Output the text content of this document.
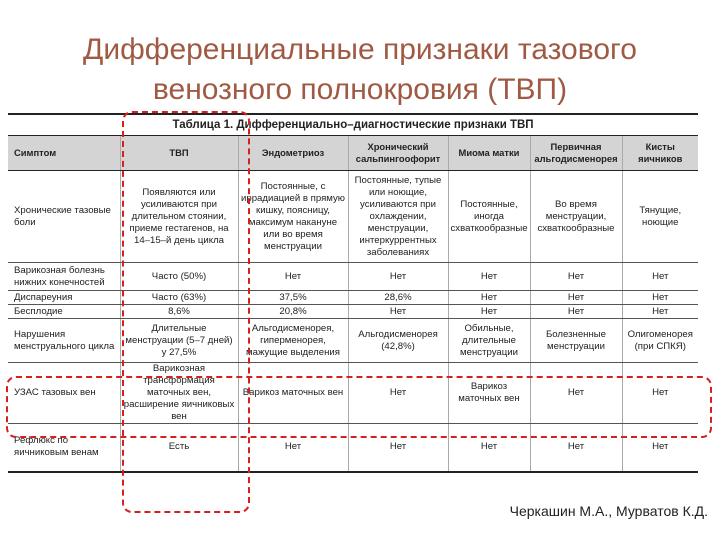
Дифференциальные признаки тазового
венозного полнокровия (ТВП)
Таблица 1. Дифференциально–диагностические признаки ТВП						
Симптом	ТВП	Эндометриоз	Хронический сальпингоофорит	Миома матки	Первичная альгодисменорея	Кисты яичников
Хронические тазовые боли	Появляются или усиливаются при длительном стоянии, приеме гестагенов, на 14–15–й день цикла	Постоянные, с иррадиацией в прямую кишку, поясницу, максимум накануне или во время менструации	Постоянные, тупые или ноющие, усиливаются при охлаждении, менструации, интеркуррентных заболеваниях	Постоянные, иногда схваткообразные	Во время менструации, схваткообразные	Тянущие, ноющие
Варикозная болезнь нижних конечностей	Часто (50%)	Нет	Нет	Нет	Нет	Нет
Диспареуния	Часто (63%)	37,5%	28,6%	Нет	Нет	Нет
Бесплодие	8,6%	20,8%	Нет	Нет	Нет	Нет
Нарушения менструального цикла	Длительные менструации (5–7 дней) у 27,5%	Альгодисменорея, гиперменорея, мажущие выделения	Альгодисменорея (42,8%)	Обильные, длительные менструации	Болезненные менструации	Олигоменорея (при СПКЯ)
УЗАС тазовых вен	Варикозная трансформация маточных вен, расширение яичниковых вен	Варикоз маточных вен	Нет	Варикоз маточных вен	Нет	Нет
Рефлюкс по яичниковым венам	Есть	Нет	Нет	Нет	Нет	Нет
Черкашин М.А., Мурватов К.Д.
